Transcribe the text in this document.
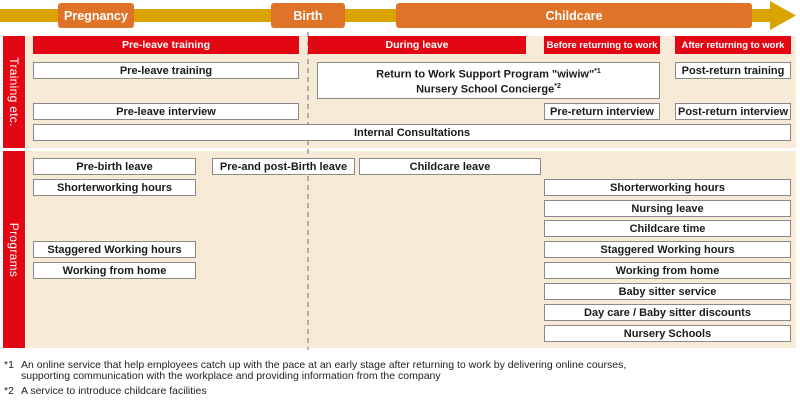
Pregnancy	Birth	Childcare
Training etc.
Programs
Pre-leave training	During leave	Before returning to work	After returning to work
Pre-leave training	Return to Work Support Program "wiwiw"$^{*1}$
Nursery School Concierge$^{*2}$
Post-return training
Pre-leave interview	Pre-return interview	Post-return interview
Internal Consultations
Pre-birth leave
Shorterworking hours
Staggered Working hours
Working from home
Pre-and post-Birth leave	Childcare leave
Shorterworking hours
Nursing leave
Childcare time
Staggered Working hours
Working from home
Baby sitter service
Day care / Baby sitter discounts
Nursery Schools
*1 An online service that help employees catch up with the pace at an early stage after returning to work by delivering online courses,
supporting communication with the workplace and providing information from the company
*2 A service to introduce childcare facilities
